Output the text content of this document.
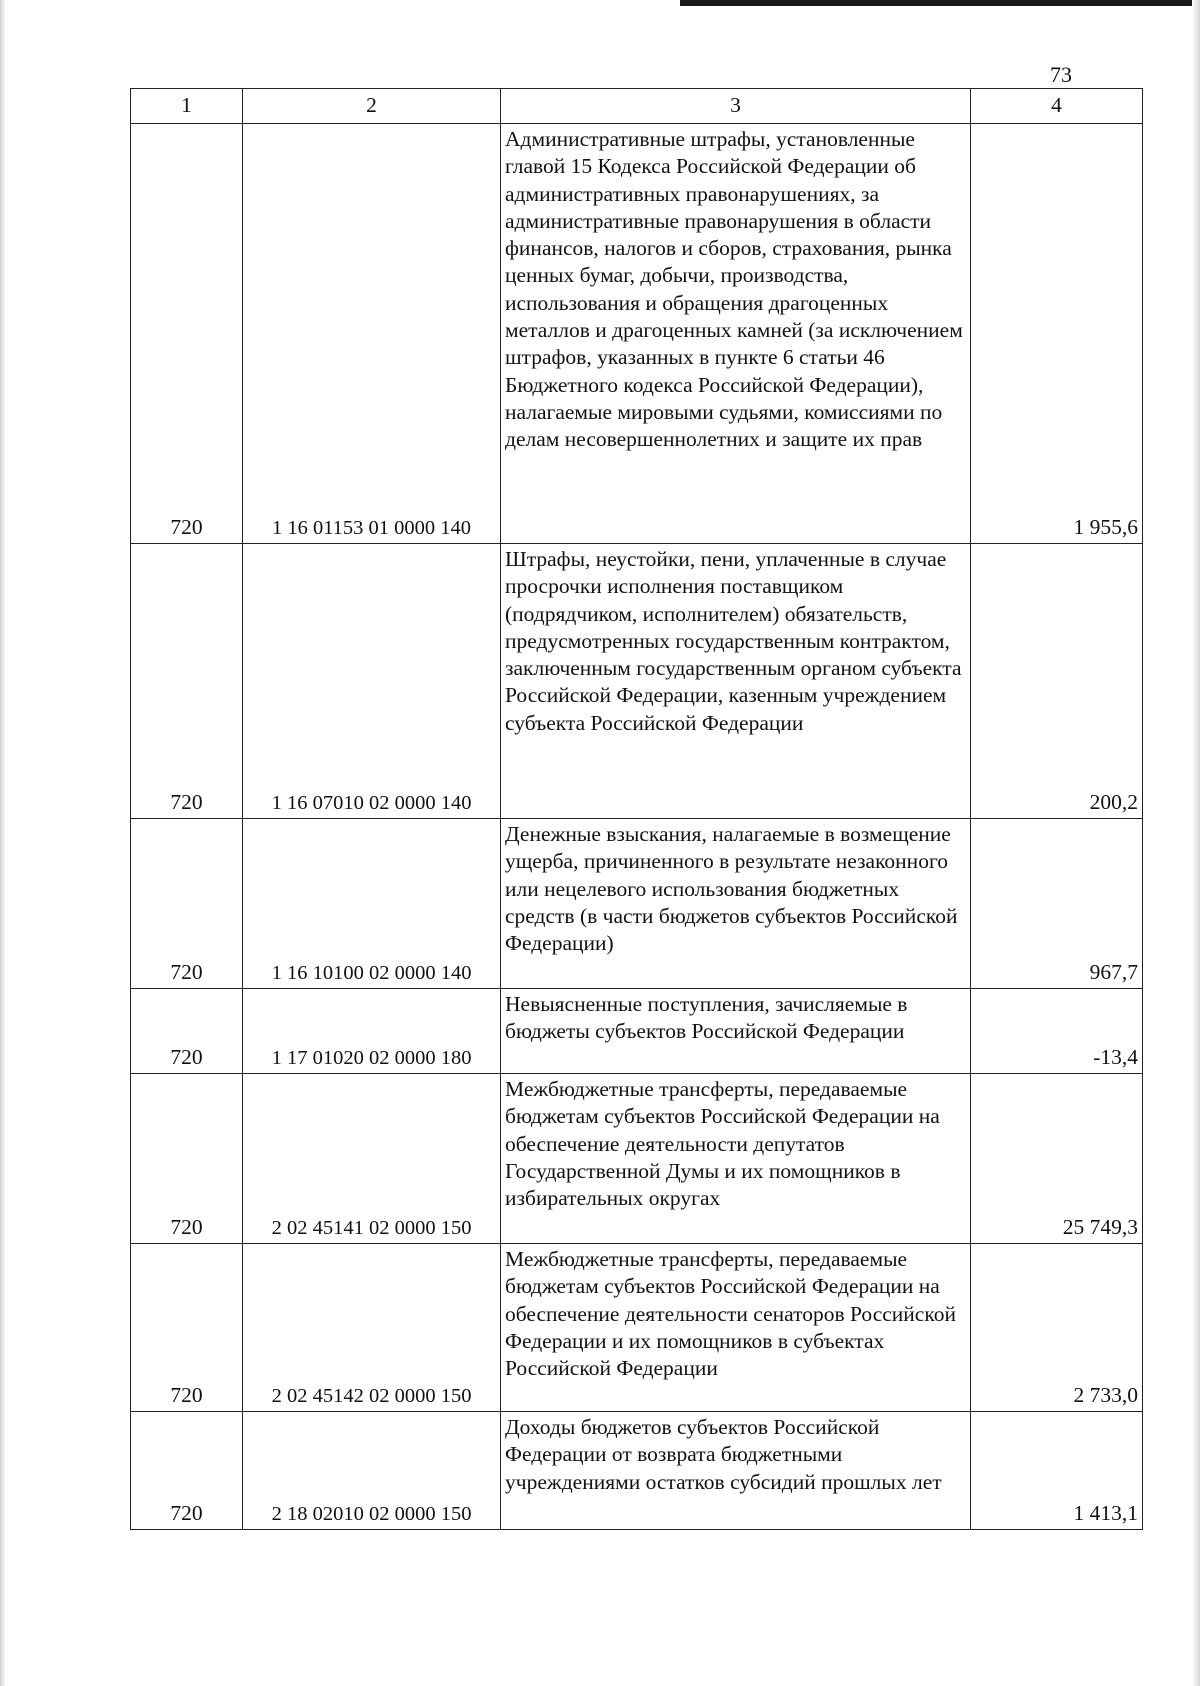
73
1	2	3	4
720	1 16 01153 01 0000 140	Административные штрафы, установленные главой 15 Кодекса Российской Федерации об административных правонарушениях, за административные правонарушения в области финансов, налогов и сборов, страхования, рынка ценных бумаг, добычи, производства, использования и обращения драгоценных металлов и драгоценных камней (за исключением штрафов, указанных в пункте 6 статьи 46 Бюджетного кодекса Российской Федерации), налагаемые мировыми судьями, комиссиями по делам несовершеннолетних и защите их прав	1 955,6
720	1 16 07010 02 0000 140	Штрафы, неустойки, пени, уплаченные в случае просрочки исполнения поставщиком (подрядчиком, исполнителем) обязательств, предусмотренных государственным контрактом, заключенным государственным органом субъекта Российской Федерации, казенным учреждением субъекта Российской Федерации	200,2
720	1 16 10100 02 0000 140	Денежные взыскания, налагаемые в возмещение ущерба, причиненного в результате незаконного или нецелевого использования бюджетных средств (в части бюджетов субъектов Российской Федерации)	967,7
720	1 17 01020 02 0000 180	Невыясненные поступления, зачисляемые в бюджеты субъектов Российской Федерации	-13,4
720	2 02 45141 02 0000 150	Межбюджетные трансферты, передаваемые бюджетам субъектов Российской Федерации на обеспечение деятельности депутатов Государственной Думы и их помощников в избирательных округах	25 749,3
720	2 02 45142 02 0000 150	Межбюджетные трансферты, передаваемые бюджетам субъектов Российской Федерации на обеспечение деятельности сенаторов Российской Федерации и их помощников в субъектах Российской Федерации	2 733,0
720	2 18 02010 02 0000 150	Доходы бюджетов субъектов Российской Федерации от возврата бюджетными учреждениями остатков субсидий прошлых лет	1 413,1
